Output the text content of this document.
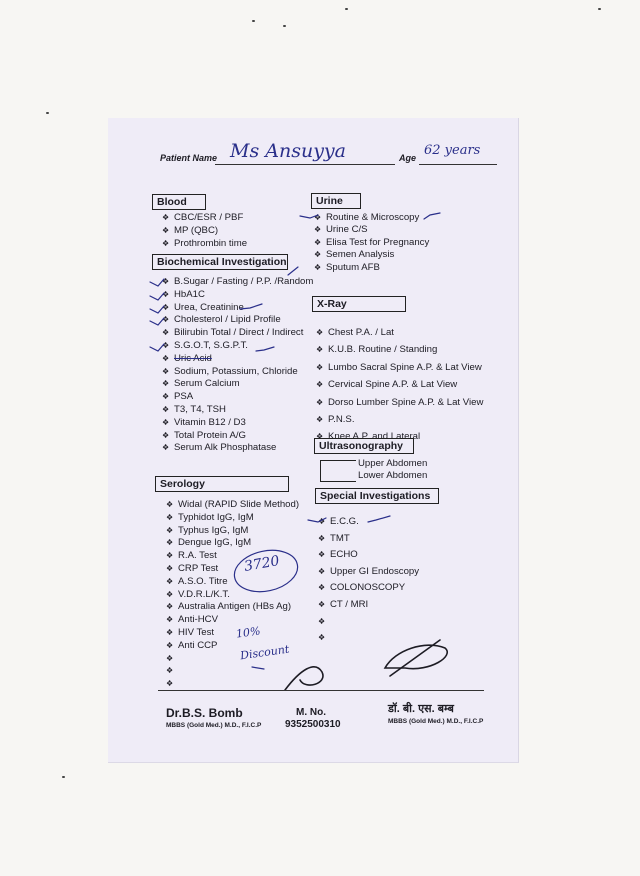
Patient Name Ms Ansuyya	Age 62 years
Blood
❖ CBC/ESR / PBF
❖ MP (QBC)
❖ Prothrombin time
Biochemical Investigation
❖ B.Sugar / Fasting / P.P. /Random
❖ HbA1C
❖ Urea, Creatinine
❖ Cholesterol / Lipid Profile
❖ Bilirubin Total / Direct / Indirect
❖ S.G.O.T, S.G.P.T.
❖ Uric Acid
❖ Sodium, Potassium, Chloride
❖ Serum Calcium
❖ PSA
❖ T3, T4, TSH
❖ Vitamin B12 / D3
❖ Total Protein A/G
❖ Serum Alk Phosphatase
Serology
❖ Widal (RAPID Slide Method)
❖ Typhidot IgG, IgM
❖ Typhus IgG, IgM
❖ Dengue IgG, IgM
❖ R.A. Test
❖ CRP Test
❖ A.S.O. Titre
❖ V.D.R.L/K.T.
❖ Australia Antigen (HBs Ag)
❖ Anti-HCV
❖ HIV Test
❖ Anti CCP
❖
❖
❖
Urine
❖ Routine & Microscopy
❖ Urine C/S
❖ Elisa Test for Pregnancy
❖ Semen Analysis
❖ Sputum AFB
X-Ray
❖ Chest P.A. / Lat
❖ K.U.B. Routine / Standing
❖ Lumbo Sacral Spine A.P. & Lat View
❖ Cervical Spine A.P. & Lat View
❖ Dorso Lumber Spine A.P. & Lat View
❖ P.N.S.
❖ Knee A.P. and Lateral
Ultrasonography
Upper Abdomen
Lower Abdomen
Special Investigations
❖ E.C.G.
❖ TMT
❖ ECHO
❖ Upper GI Endoscopy
❖ COLONOSCOPY
❖ CT / MRI
❖
❖
3720
10%
Discount
Dr.B.S. Bomb
MBBS (Gold Med.) M.D., F.I.C.P
M. No.
9352500310
डॉ. बी. एस. बम्ब
MBBS (Gold Med.) M.D., F.I.C.P
